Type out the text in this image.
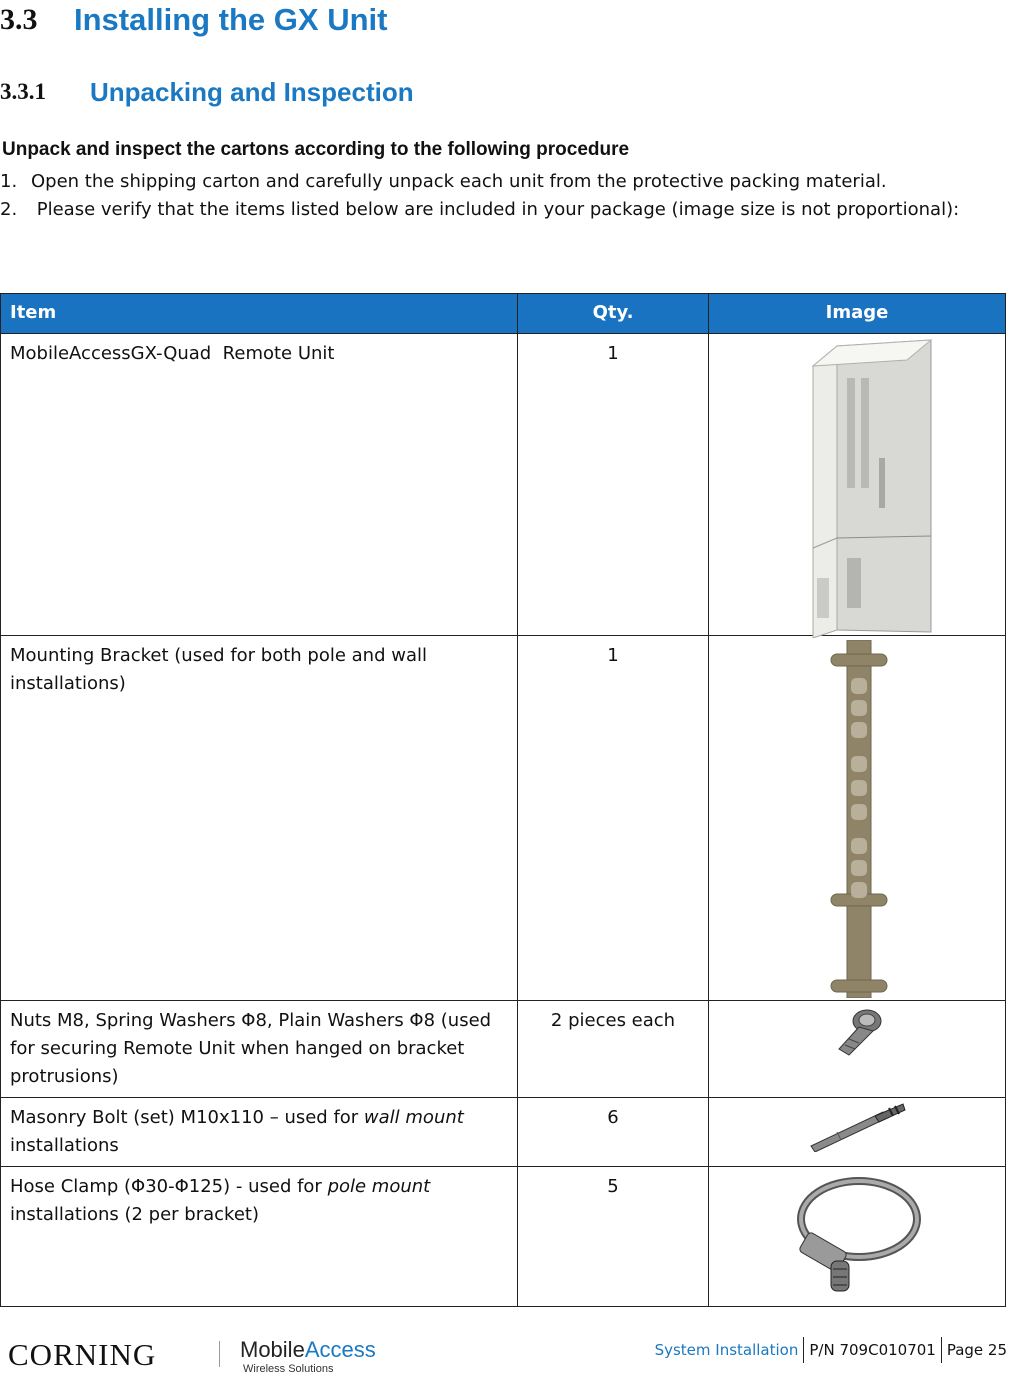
3.3	Installing the GX Unit
3.3.1	Unpacking and Inspection
Unpack and inspect the cartons according to the following procedure
1. Open the shipping carton and carefully unpack each unit from the protective packing material.
2. Please verify that the items listed below are included in your package (image size is not proportional):
Item	Qty.	Image
MobileAccessGX-Quad  Remote Unit	1	

Mounting Bracket (used for both pole and wall installations)	1	

Nuts M8, Spring Washers Φ8, Plain Washers Φ8 (used for securing Remote Unit when hanged on bracket protrusions)	2 pieces each	

Masonry Bolt (set) M10x110 – used for wall mount installations	6	

Hose Clamp (Φ30-Φ125) - used for pole mount installations (2 per bracket)	5	
CORNING	MobileAccess
Wireless Solutions
System Installation P/N 709C010701 Page 25
